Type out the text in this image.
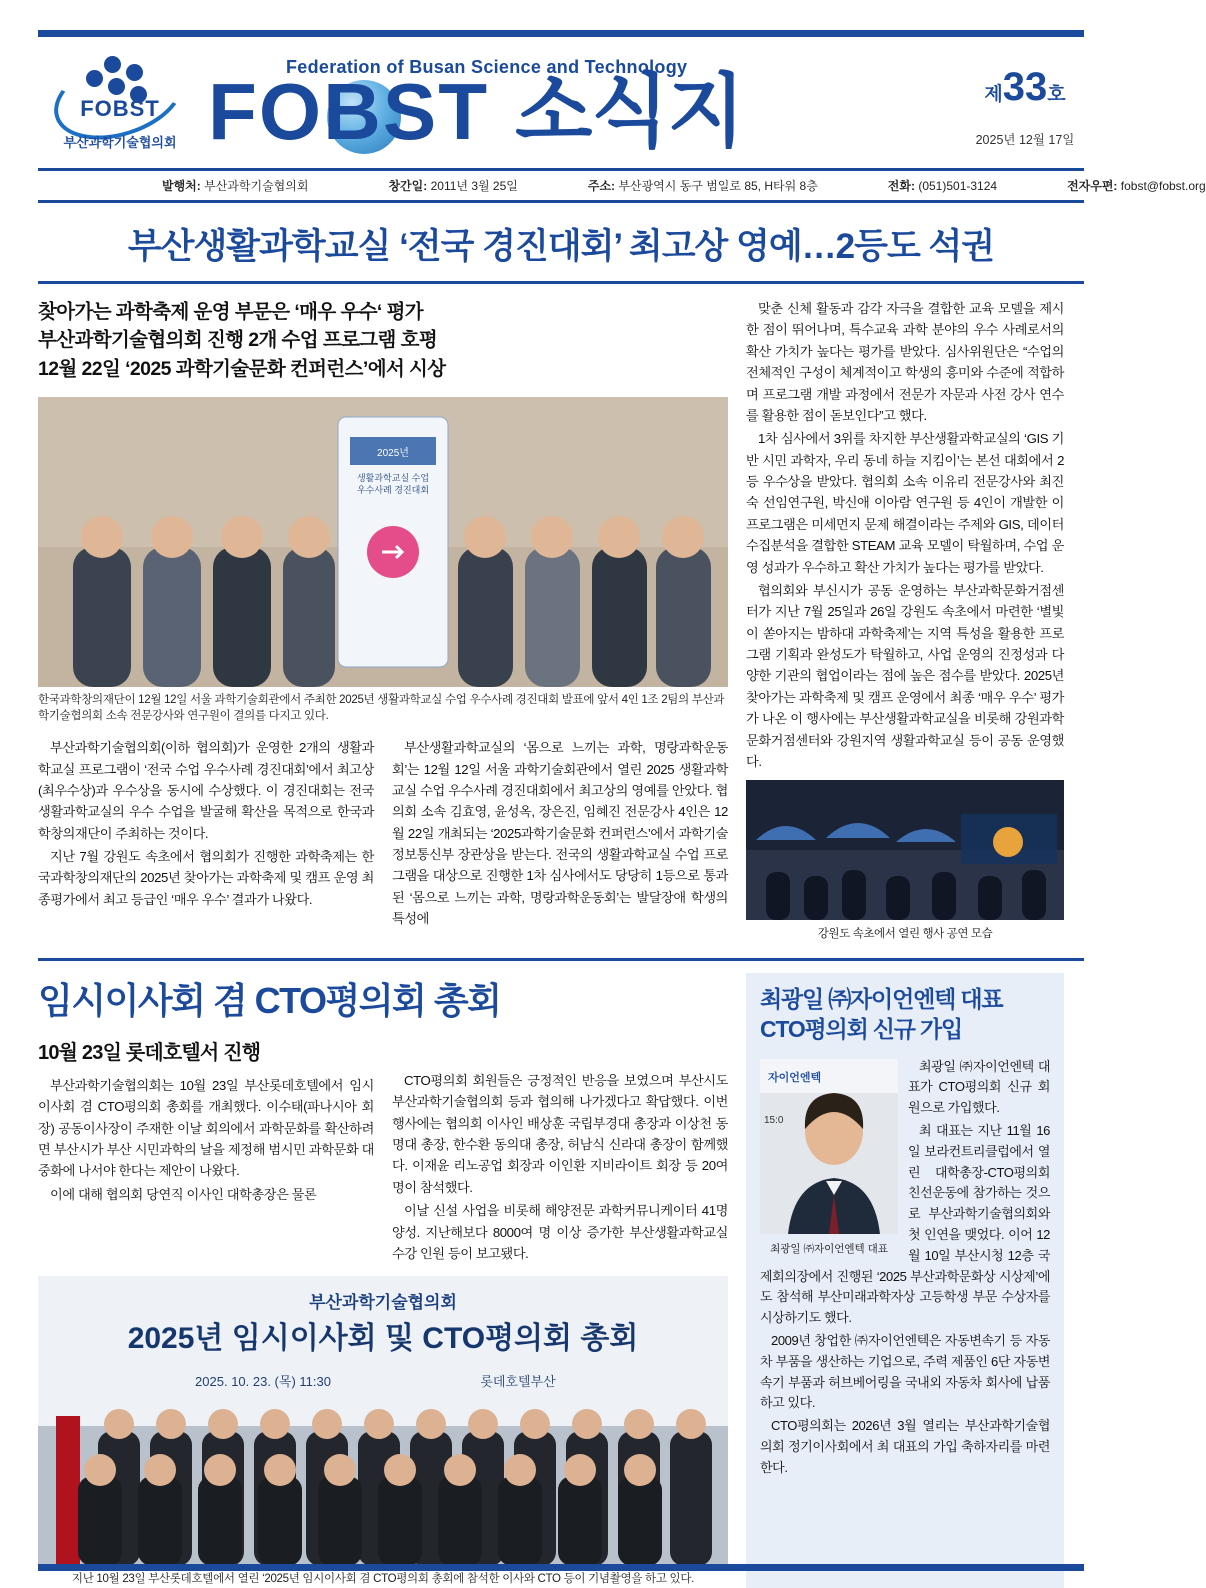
FOBST
부산과학기술협의회
Federation of Busan Science and Technology
FOBST 소식지	제33호
2025년 12월 17일
발행처: 부산과학기술협의회	창간일: 2011년 3월 25일	주소: 부산광역시 동구 범일로 85, H타워 8층	전화: (051)501-3124	전자우편: fobst@fobst.org
부산생활과학교실 ‘전국 경진대회’ 최고상 영예…2등도 석권
찾아가는 과학축제 운영 부문은 ‘매우 우수‘ 평가
부산과학기술협의회 진행 2개 수업 프로그램 호평
12월 22일 ‘2025 과학기술문화 컨퍼런스’에서 시상
2025년
생활과학교실 수업
우수사례 경진대회
한국과학창의재단이 12월 12일 서울 과학기술회관에서 주최한 2025년 생활과학교실 수업 우수사례 경진대회 발표에 앞서 4인 1조 2팀의 부산과학기술협의회 소속 전문강사와 연구원이 결의를 다지고 있다.

부산과학기술협의회(이하 협의회)가 운영한 2개의 생활과학교실 프로그램이 ‘전국 수업 우수사례 경진대회’에서 최고상(최우수상)과 우수상을 동시에 수상했다. 이 경진대회는 전국 생활과학교실의 우수 수업을 발굴해 확산을 목적으로 한국과학창의재단이 주최하는 것이다.

지난 7월 강원도 속초에서 협의회가 진행한 과학축제는 한국과학창의재단의 2025년 찾아가는 과학축제 및 캠프 운영 최종평가에서 최고 등급인 ‘매우 우수’ 결과가 나왔다.

부산생활과학교실의 ‘몸으로 느끼는 과학, 명랑과학운동회’는 12월 12일 서울 과학기술회관에서 열린 2025 생활과학교실 수업 우수사례 경진대회에서 최고상의 영예를 안았다. 협의회 소속 김효영, 윤성옥, 장은진, 임혜진 전문강사 4인은 12월 22일 개최되는 ‘2025과학기술문화 컨퍼런스’에서 과학기술정보통신부 장관상을 받는다. 전국의 생활과학교실 수업 프로그램을 대상으로 진행한 1차 심사에서도 당당히 1등으로 통과된 ‘몸으로 느끼는 과학, 명랑과학운동회’는 발달장애 학생의 특성에

맞춘 신체 활동과 감각 자극을 결합한 교육 모델을 제시한 점이 뛰어나며, 특수교육 과학 분야의 우수 사례로서의 확산 가치가 높다는 평가를 받았다. 심사위원단은 “수업의 전체적인 구성이 체계적이고 학생의 흥미와 수준에 적합하며 프로그램 개발 과정에서 전문가 자문과 사전 강사 연수를 활용한 점이 돋보인다”고 했다.

1차 심사에서 3위를 차지한 부산생활과학교실의 ‘GIS 기반 시민 과학자, 우리 동네 하늘 지킴이’는 본선 대회에서 2등 우수상을 받았다. 협의회 소속 이유리 전문강사와 최진숙 선임연구원, 박신애 이아람 연구원 등 4인이 개발한 이 프로그램은 미세먼지 문제 해결이라는 주제와 GIS, 데이터 수집분석을 결합한 STEAM 교육 모델이 탁월하며, 수업 운영 성과가 우수하고 확산 가치가 높다는 평가를 받았다.

협의회와 부신시가 공동 운영하는 부산과학문화거점센터가 지난 7월 25일과 26일 강원도 속초에서 마련한 ‘별빛이 쏟아지는 밤하대 과학축제’는 지역 특성을 활용한 프로그램 기획과 완성도가 탁월하고, 사업 운영의 진정성과 다양한 기관의 협업이라는 점에 높은 점수를 받았다. 2025년 찾아가는 과학축제 및 캠프 운영에서 최종 ‘매우 우수’ 평가가 나온 이 행사에는 부산생활과학교실을 비롯해 강원과학문화거점센터와 강원지역 생활과학교실 등이 공동 운영했다.

강원도 속초에서 열린 행사 공연 모습
임시이사회 겸 CTO평의회 총회
10월 23일 롯데호텔서 진행

부산과학기술협의회는 10월 23일 부산롯데호텔에서 임시이사회 겸 CTO평의회 총회를 개최했다. 이수태(파나시아 회장) 공동이사장이 주재한 이날 회의에서 과학문화를 확산하려면 부산시가 부산 시민과학의 날을 제정해 범시민 과학문화 대중화에 나서야 한다는 제안이 나왔다.

이에 대해 협의회 당연직 이사인 대학총장은 물론

CTO평의회 회원들은 긍정적인 반응을 보였으며 부산시도 부산과학기술협의회 등과 협의해 나가겠다고 확답했다. 이번 행사에는 협의회 이사인 배상훈 국립부경대 총장과 이상천 동명대 총장, 한수환 동의대 총장, 허남식 신라대 총장이 함께했다. 이재윤 리노공업 회장과 이인환 지비라이트 회장 등 20여 명이 참석했다.

이날 신설 사업을 비롯해 해양전문 과학커뮤니케이터 41명 양성. 지난해보다 8000여 명 이상 증가한 부산생활과학교실 수강 인원 등이 보고됐다.

부산과학기술협의회
2025년 임시이사회 및 CTO평의회 총회
2025. 10. 23. (목) 11:30	롯데호텔부산
지난 10월 23일 부산롯데호텔에서 열린 ‘2025년 임시이사회 겸 CTO평의회 총회에 참석한 이사와 CTO 등이 기념촬영을 하고 있다.
최광일 ㈜자이언엔텍 대표
CTO평의회 신규 가입
자이언엔텍
15:0
최광일 ㈜자이언엔텍 대표

최광일 ㈜자이언엔텍 대표가 CTO평의회 신규 회원으로 가입했다.

최 대표는 지난 11월 16일 보라컨트리클럽에서 열린 대학총장-CTO평의회 친선운동에 참가하는 것으로 부산과학기술협의회와 첫 인연을 맺었다. 이어 12월 10일 부산시청 12층 국제회의장에서 진행된 ‘2025 부산과학문화상 시상제’에도 참석해 부산미래과학자상 고등학생 부문 수상자를 시상하기도 했다.

2009년 창업한 ㈜자이언엔텍은 자동변속기 등 자동차 부품을 생산하는 기업으로, 주력 제품인 6단 자동변속기 부품과 허브베어링을 국내외 자동차 회사에 납품하고 있다.

CTO평의회는 2026년 3월 열리는 부산과학기술협의회 정기이사회에서 최 대표의 가입 축하자리를 마련한다.
